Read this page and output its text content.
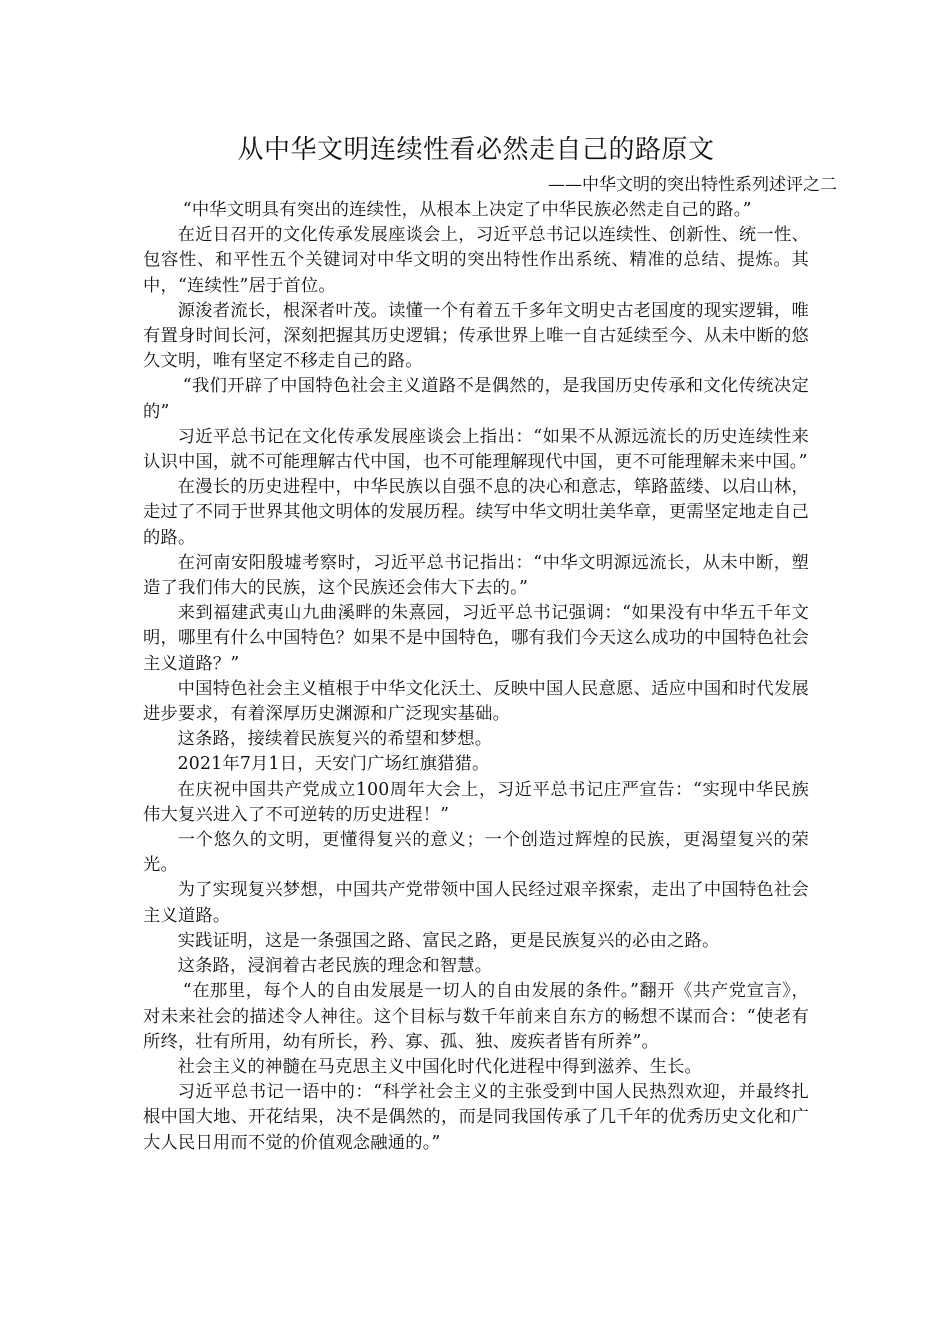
从中华文明连续性看必然走自己的路原文
——中华文明的突出特性系列述评之二

“中华文明具有突出的连续性，从根本上决定了中华民族必然走自己的路。”

在近日召开的文化传承发展座谈会上，习近平总书记以连续性、创新性、统一性、包容性、和平性五个关键词对中华文明的突出特性作出系统、精准的总结、提炼。其中，“连续性”居于首位。

源浚者流长，根深者叶茂。读懂一个有着五千多年文明史古老国度的现实逻辑，唯有置身时间长河，深刻把握其历史逻辑；传承世界上唯一自古延续至今、从未中断的悠久文明，唯有坚定不移走自己的路。

“我们开辟了中国特色社会主义道路不是偶然的，是我国历史传承和文化传统决定的”

习近平总书记在文化传承发展座谈会上指出：“如果不从源远流长的历史连续性来认识中国，就不可能理解古代中国，也不可能理解现代中国，更不可能理解未来中国。”

在漫长的历史进程中，中华民族以自强不息的决心和意志，筚路蓝缕、以启山林，走过了不同于世界其他文明体的发展历程。续写中华文明壮美华章，更需坚定地走自己的路。

在河南安阳殷墟考察时，习近平总书记指出：“中华文明源远流长，从未中断，塑造了我们伟大的民族，这个民族还会伟大下去的。”

来到福建武夷山九曲溪畔的朱熹园，习近平总书记强调：“如果没有中华五千年文明，哪里有什么中国特色？如果不是中国特色，哪有我们今天这么成功的中国特色社会主义道路？”

中国特色社会主义植根于中华文化沃土、反映中国人民意愿、适应中国和时代发展进步要求，有着深厚历史渊源和广泛现实基础。

这条路，接续着民族复兴的希望和梦想。

2021年7月1日，天安门广场红旗猎猎。

在庆祝中国共产党成立100周年大会上，习近平总书记庄严宣告：“实现中华民族伟大复兴进入了不可逆转的历史进程！”

一个悠久的文明，更懂得复兴的意义；一个创造过辉煌的民族，更渴望复兴的荣光。

为了实现复兴梦想，中国共产党带领中国人民经过艰辛探索，走出了中国特色社会主义道路。

实践证明，这是一条强国之路、富民之路，更是民族复兴的必由之路。

这条路，浸润着古老民族的理念和智慧。

“在那里，每个人的自由发展是一切人的自由发展的条件。”翻开《共产党宣言》，对未来社会的描述令人神往。这个目标与数千年前来自东方的畅想不谋而合：“使老有所终，壮有所用，幼有所长，矜、寡、孤、独、废疾者皆有所养”。

社会主义的神髓在马克思主义中国化时代化进程中得到滋养、生长。

习近平总书记一语中的：“科学社会主义的主张受到中国人民热烈欢迎，并最终扎根中国大地、开花结果，决不是偶然的，而是同我国传承了几千年的优秀历史文化和广大人民日用而不觉的价值观念融通的。”
